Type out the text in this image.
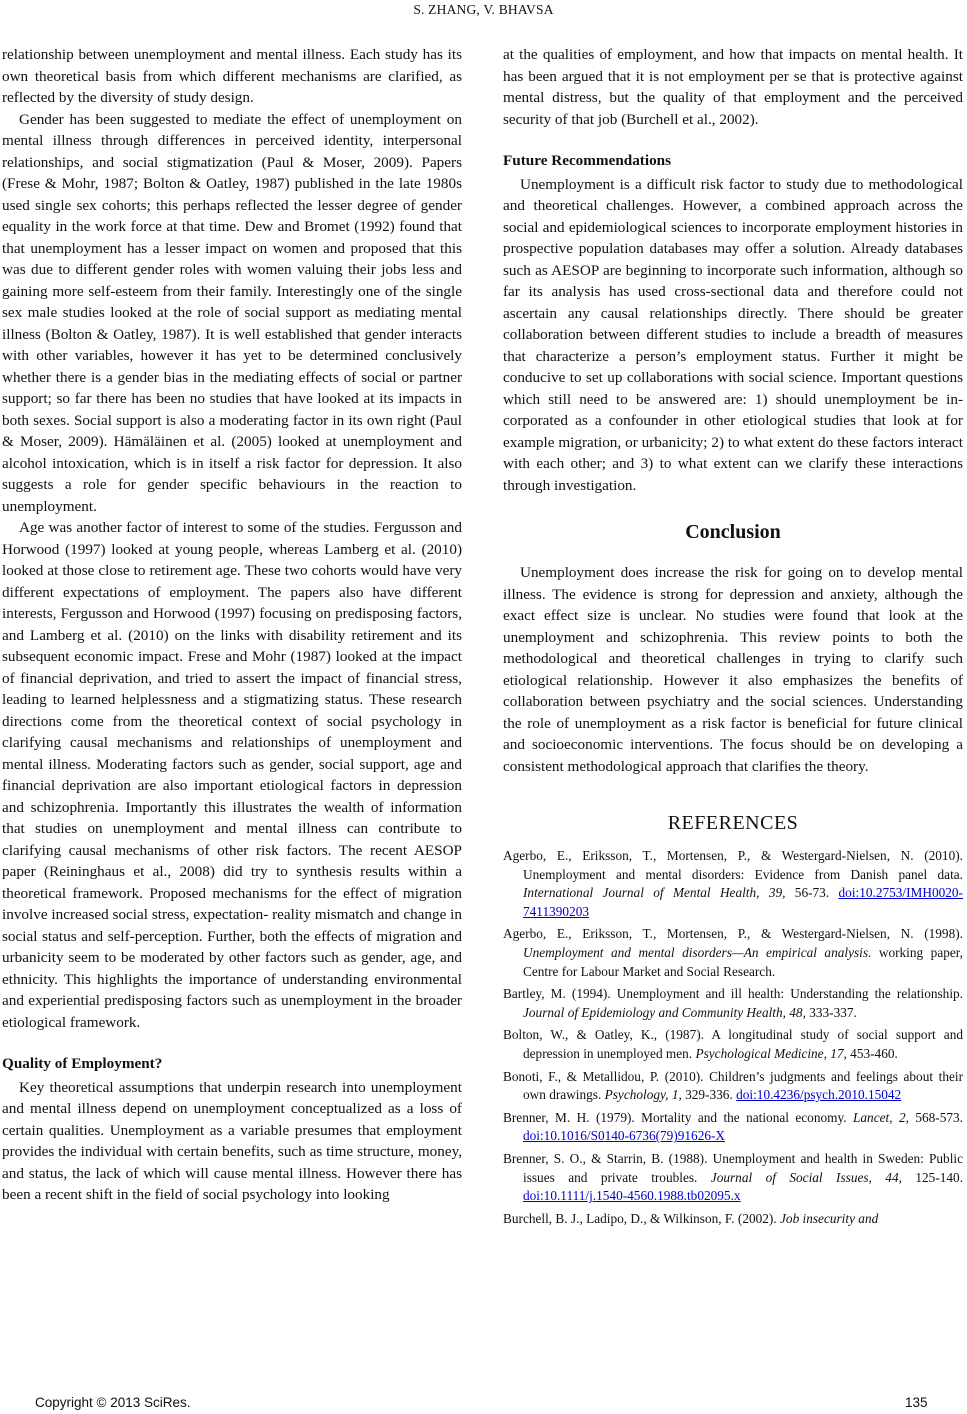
S. ZHANG, V. BHAVSA

relationship between unemployment and mental illness. Each study has its own theoretical basis from which different mechanisms are clarified, as reflected by the diversity of study design.

Gender has been suggested to mediate the effect of unemployment on mental illness through differences in perceived identity, interpersonal relationships, and social stigmatization (Paul & Moser, 2009). Papers (Frese & Mohr, 1987; Bolton & Oatley, 1987) published in the late 1980s used single sex cohorts; this perhaps reflected the lesser degree of gender equality in the work force at that time. Dew and Bromet (1992) found that that unemployment has a lesser impact on women and proposed that this was due to different gender roles with women valuing their jobs less and gaining more self-esteem from their family. Interestingly one of the single sex male studies looked at the role of social support as mediating mental illness (Bolton & Oatley, 1987). It is well established that gender interacts with other variables, however it has yet to be determined conclusively whether there is a gender bias in the mediating effects of social or partner support; so far there has been no studies that have looked at its impacts in both sexes. Social support is also a moderating factor in its own right (Paul & Moser, 2009). Hämäläinen et al. (2005) looked at unemployment and alcohol intoxication, which is in itself a risk factor for depression. It also suggests a role for gender specific behaviours in the reaction to unemployment.

Age was another factor of interest to some of the studies. Fergusson and Horwood (1997) looked at young people, whereas Lamberg et al. (2010) looked at those close to retirement age. These two cohorts would have very different expectations of employment. The papers also have different interests, Fergusson and Horwood (1997) focusing on predisposing factors, and Lamberg et al. (2010) on the links with disability retirement and its subsequent economic impact. Frese and Mohr (1987) looked at the impact of financial deprivation, and tried to assert the impact of financial stress, leading to learned helplessness and a stigmatizing status. These research directions come from the theoretical context of social psychology in clarifying causal mechanisms and relationships of unemployment and mental illness. Moderating factors such as gender, social support, age and financial deprivation are also important etiological factors in depression and schizophrenia. Importantly this illustrates the wealth of information that studies on unemployment and mental illness can contribute to clarifying causal mechanisms of other risk factors. The recent AESOP paper (Reininghaus et al., 2008) did try to synthesis results within a theoretical framework. Proposed mechanisms for the effect of migration involve increased social stress, expectation- reality mismatch and change in social status and self-perception. Further, both the effects of migration and urbanicity seem to be moderated by other factors such as gender, age, and ethnicity. This highlights the importance of understanding environmental and experiential predisposing factors such as unemployment in the broader etiological framework.

Quality of Employment?

Key theoretical assumptions that underpin research into unemployment and mental illness depend on unemployment conceptualized as a loss of certain qualities. Unemployment as a variable presumes that employment provides the individual with certain benefits, such as time structure, money, and status, the lack of which will cause mental illness. However there has been a recent shift in the field of social psychology into looking

at the qualities of employment, and how that impacts on mental health. It has been argued that it is not employment per se that is protective against mental distress, but the quality of that employment and the perceived security of that job (Burchell et al., 2002).

Future Recommendations

Unemployment is a difficult risk factor to study due to methodological and theoretical challenges. However, a combined approach across the social and epidemiological sciences to incorporate employment histories in prospective population databases may offer a solution. Already databases such as AESOP are beginning to incorporate such information, although so far its analysis has used cross-sectional data and therefore could not ascertain any causal relationships directly. There should be greater collaboration between different studies to include a breadth of measures that characterize a person’s employment status. Further it might be conducive to set up collaborations with social science. Important questions which still need to be answered are: 1) should unemployment be incorporated as a confounder in other etiological studies that look at for example migration, or urbanicity; 2) to what extent do these factors interact with each other; and 3) to what extent can we clarify these interactions through investigation.

Conclusion

Unemployment does increase the risk for going on to develop mental illness. The evidence is strong for depression and anxiety, although the exact effect size is unclear. No studies were found that look at the unemployment and schizophrenia. This review points to both the methodological and theoretical challenges in trying to clarify such etiological relationship. However it also emphasizes the benefits of collaboration between psychiatry and the social sciences. Understanding the role of unemployment as a risk factor is beneficial for future clinical and socioeconomic interventions. The focus should be on developing a consistent methodological approach that clarifies the theory.

REFERENCES
Agerbo, E., Eriksson, T., Mortensen, P., & Westergard-Nielsen, N. (2010). Unemployment and mental disorders: Evidence from Danish panel data. International Journal of Mental Health, 39, 56-73. doi:10.2753/IMH0020-7411390203
Agerbo, E., Eriksson, T., Mortensen, P., & Westergard-Nielsen, N. (1998). Unemployment and mental disorders—An empirical analysis. working paper, Centre for Labour Market and Social Research.
Bartley, M. (1994). Unemployment and ill health: Understanding the relationship. Journal of Epidemiology and Community Health, 48, 333-337.
Bolton, W., & Oatley, K., (1987). A longitudinal study of social support and depression in unemployed men. Psychological Medicine, 17, 453-460.
Bonoti, F., & Metallidou, P. (2010). Children’s judgments and feelings about their own drawings. Psychology, 1, 329-336. doi:10.4236/psych.2010.15042
Brenner, M. H. (1979). Mortality and the national economy. Lancet, 2, 568-573. doi:10.1016/S0140-6736(79)91626-X
Brenner, S. O., & Starrin, B. (1988). Unemployment and health in Sweden: Public issues and private troubles. Journal of Social Issues, 44, 125-140. doi:10.1111/j.1540-4560.1988.tb02095.x
Burchell, B. J., Ladipo, D., & Wilkinson, F. (2002). Job insecurity and
Copyright © 2013 SciRes.	135
